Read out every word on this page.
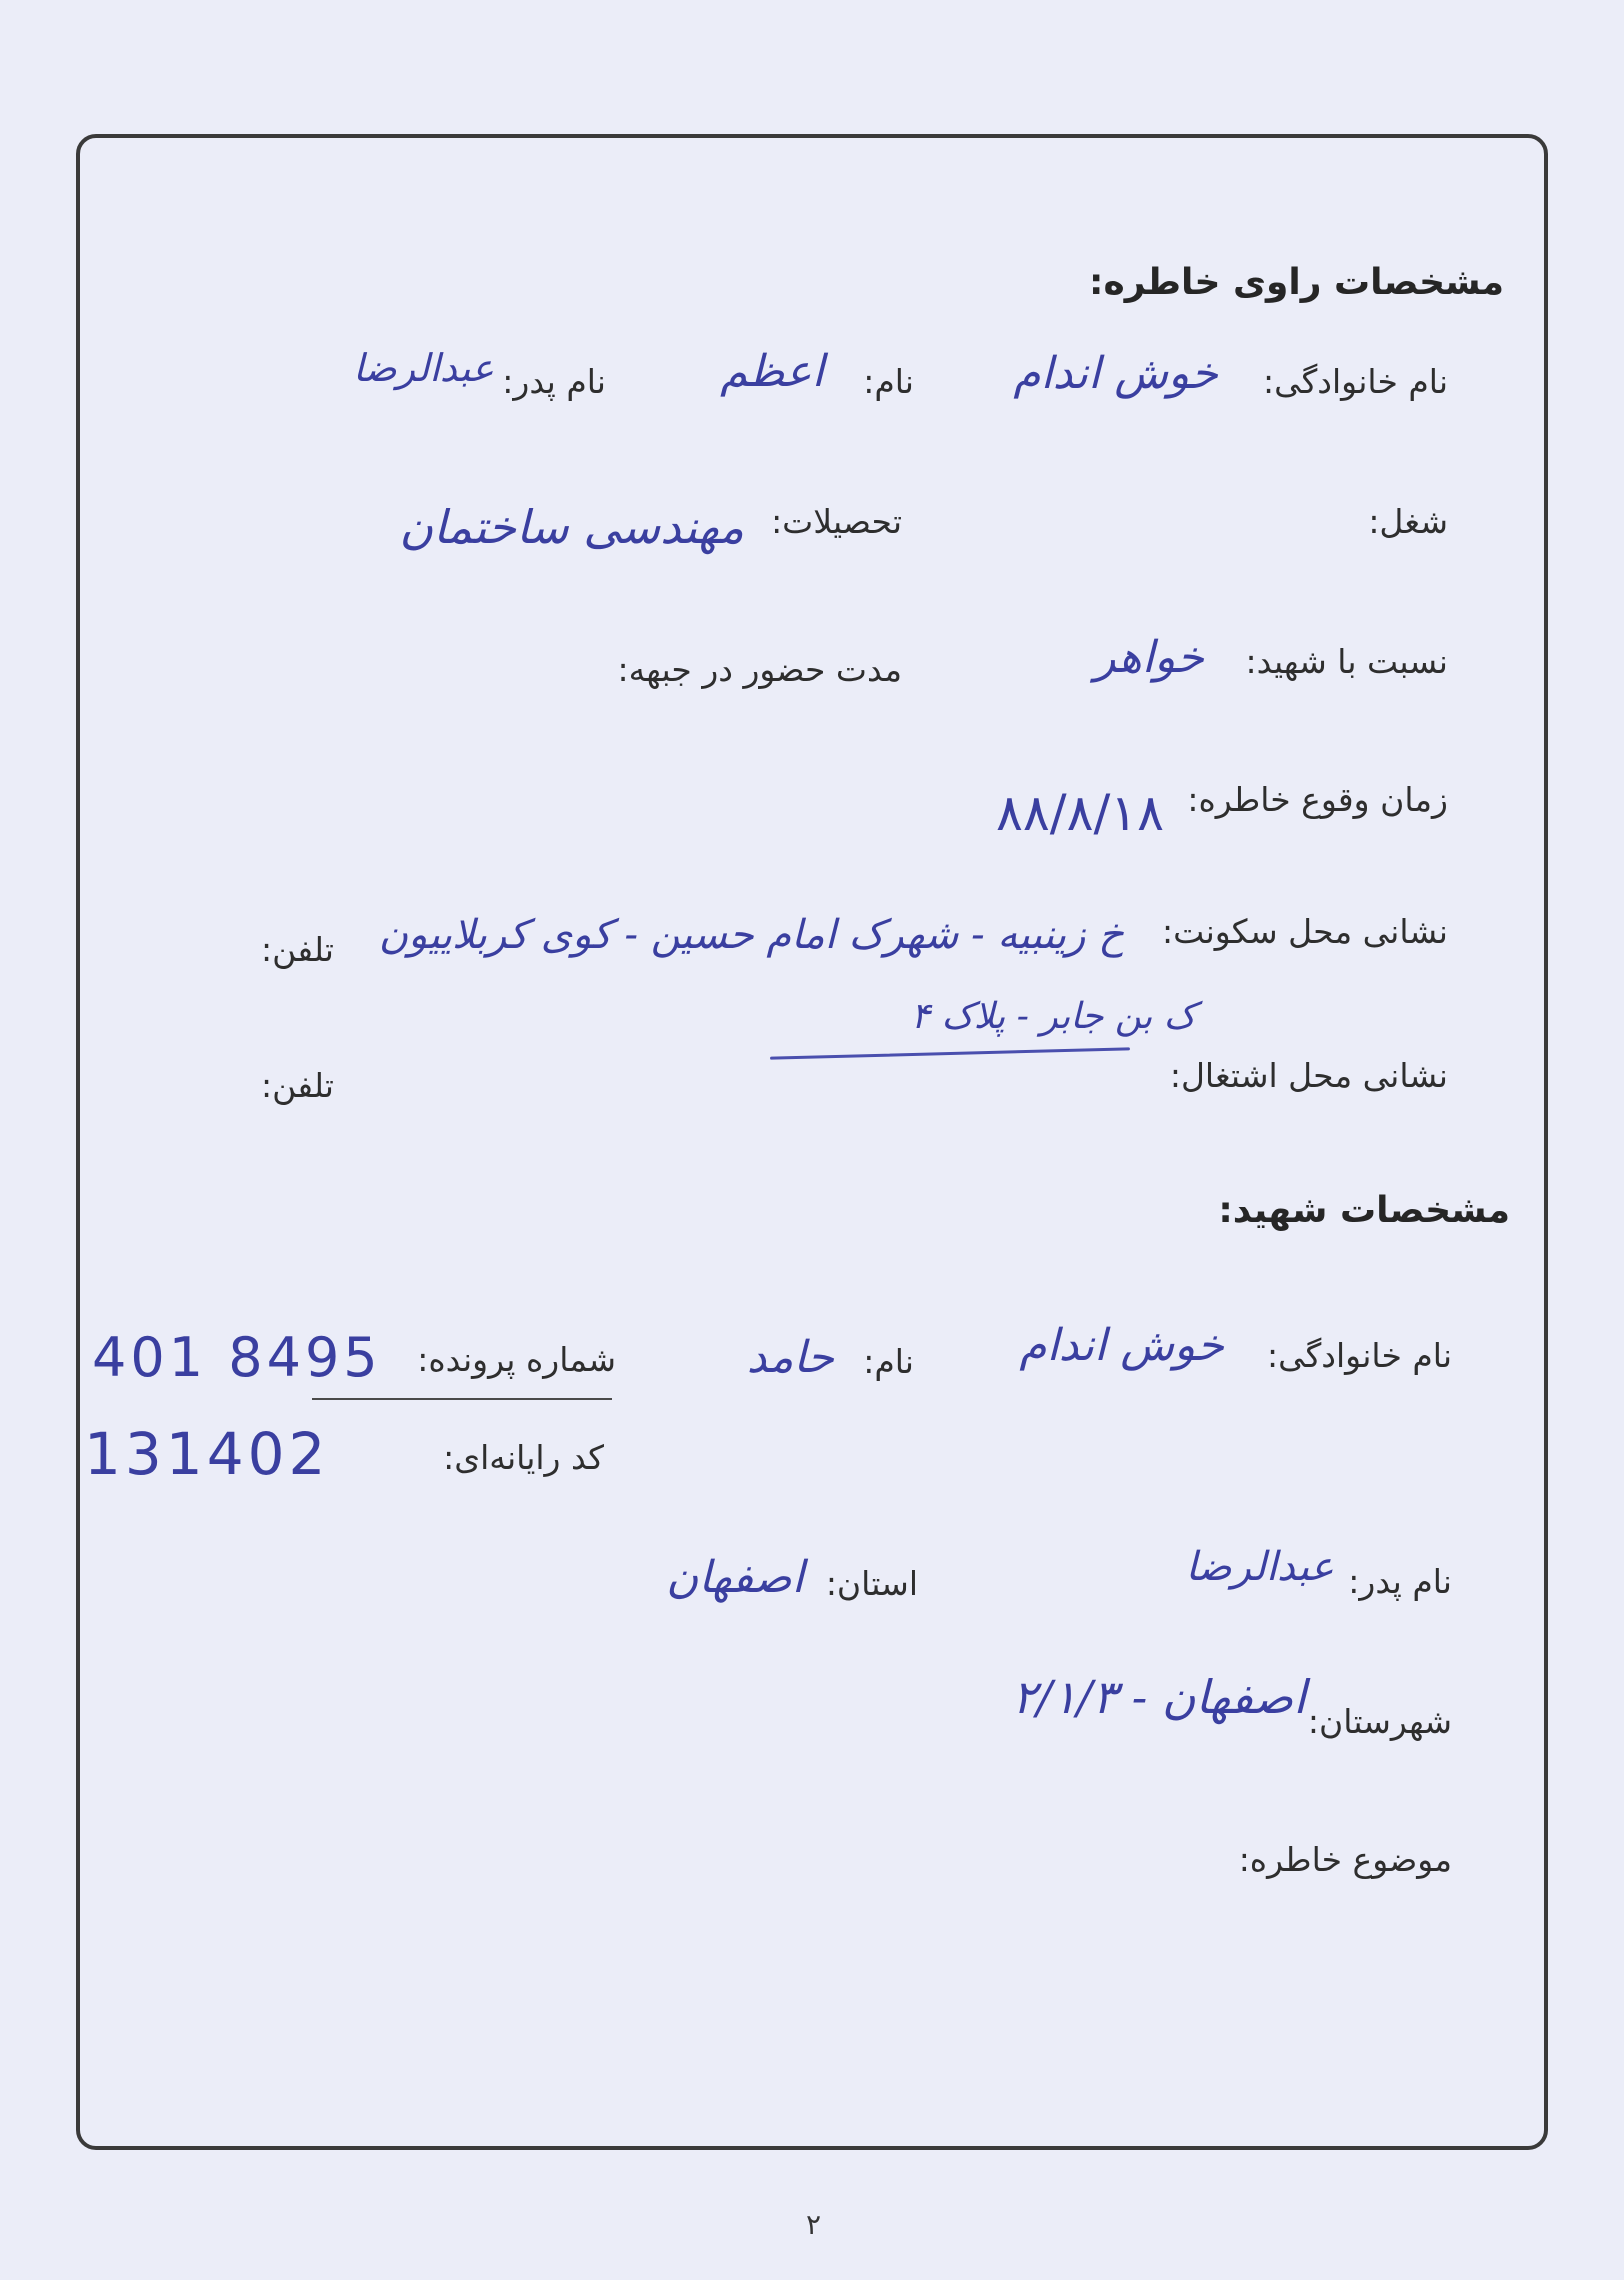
مشخصات راوی خاطره:
نام خانوادگی:
خوش اندام
نام:
اعظم
نام پدر:
عبدالرضا
شغل:
تحصیلات:
مهندسی ساختمان
نسبت با شهید:
خواهر
مدت حضور در جبهه:
زمان وقوع خاطره:
۸۸/۸/۱۸
نشانی محل سکونت:
خ زینبیه - شهرک امام حسین - کوی کربلاییون
تلفن:
ک بن جابر - پلاک ۴
نشانی محل اشتغال:
تلفن:
مشخصات شهید:
نام خانوادگی:
خوش اندام
نام:
حامد
شماره پرونده:
401 8495
کد رایانه‌ای:
131402
نام پدر:
عبدالرضا
استان:
اصفهان
شهرستان:
اصفهان - ۲/۱/۳
موضوع خاطره:
۲
